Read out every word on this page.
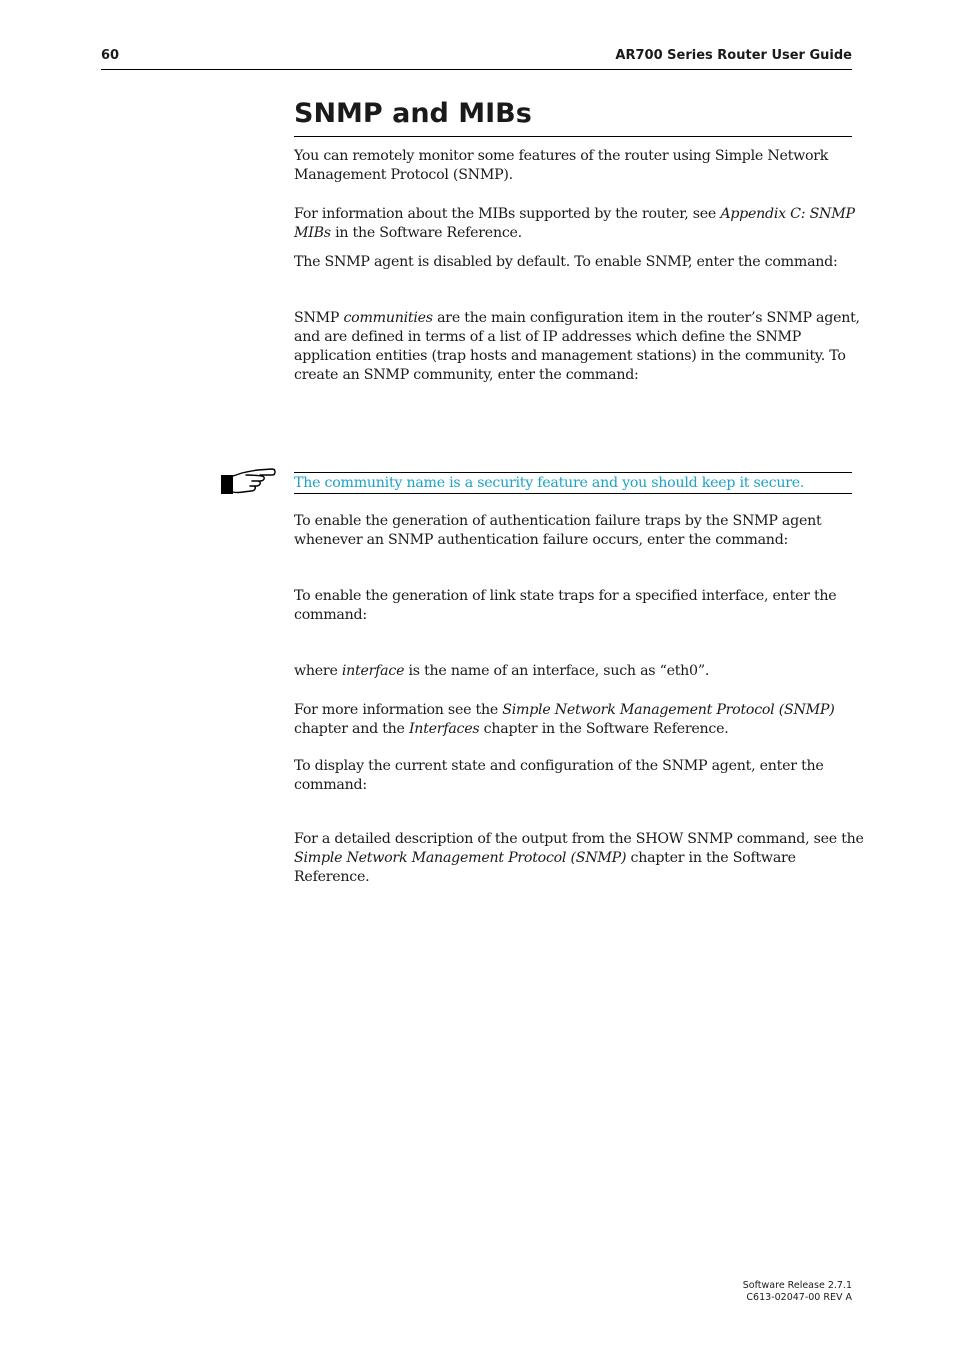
60	AR700 Series Router User Guide
SNMP and MIBs

You can remotely monitor some features of the router using Simple Network Management Protocol (SNMP).

For information about the MIBs supported by the router, see Appendix C: SNMP MIBs in the Software Reference.

The SNMP agent is disabled by default. To enable SNMP, enter the command:

SNMP communities are the main configuration item in the router’s SNMP agent, and are defined in terms of a list of IP addresses which define the SNMP application entities (trap hosts and management stations) in the community. To create an SNMP community, enter the command:

The community name is a security feature and you should keep it secure.

To enable the generation of authentication failure traps by the SNMP agent whenever an SNMP authentication failure occurs, enter the command:

To enable the generation of link state traps for a specified interface, enter the command:

where interface is the name of an interface, such as “eth0”.

For more information see the Simple Network Management Protocol (SNMP) chapter and the Interfaces chapter in the Software Reference.

To display the current state and configuration of the SNMP agent, enter the command:

For a detailed description of the output from the SHOW SNMP command, see the Simple Network Management Protocol (SNMP) chapter in the Software Reference.

Software Release 2.7.1
C613-02047-00 REV A
